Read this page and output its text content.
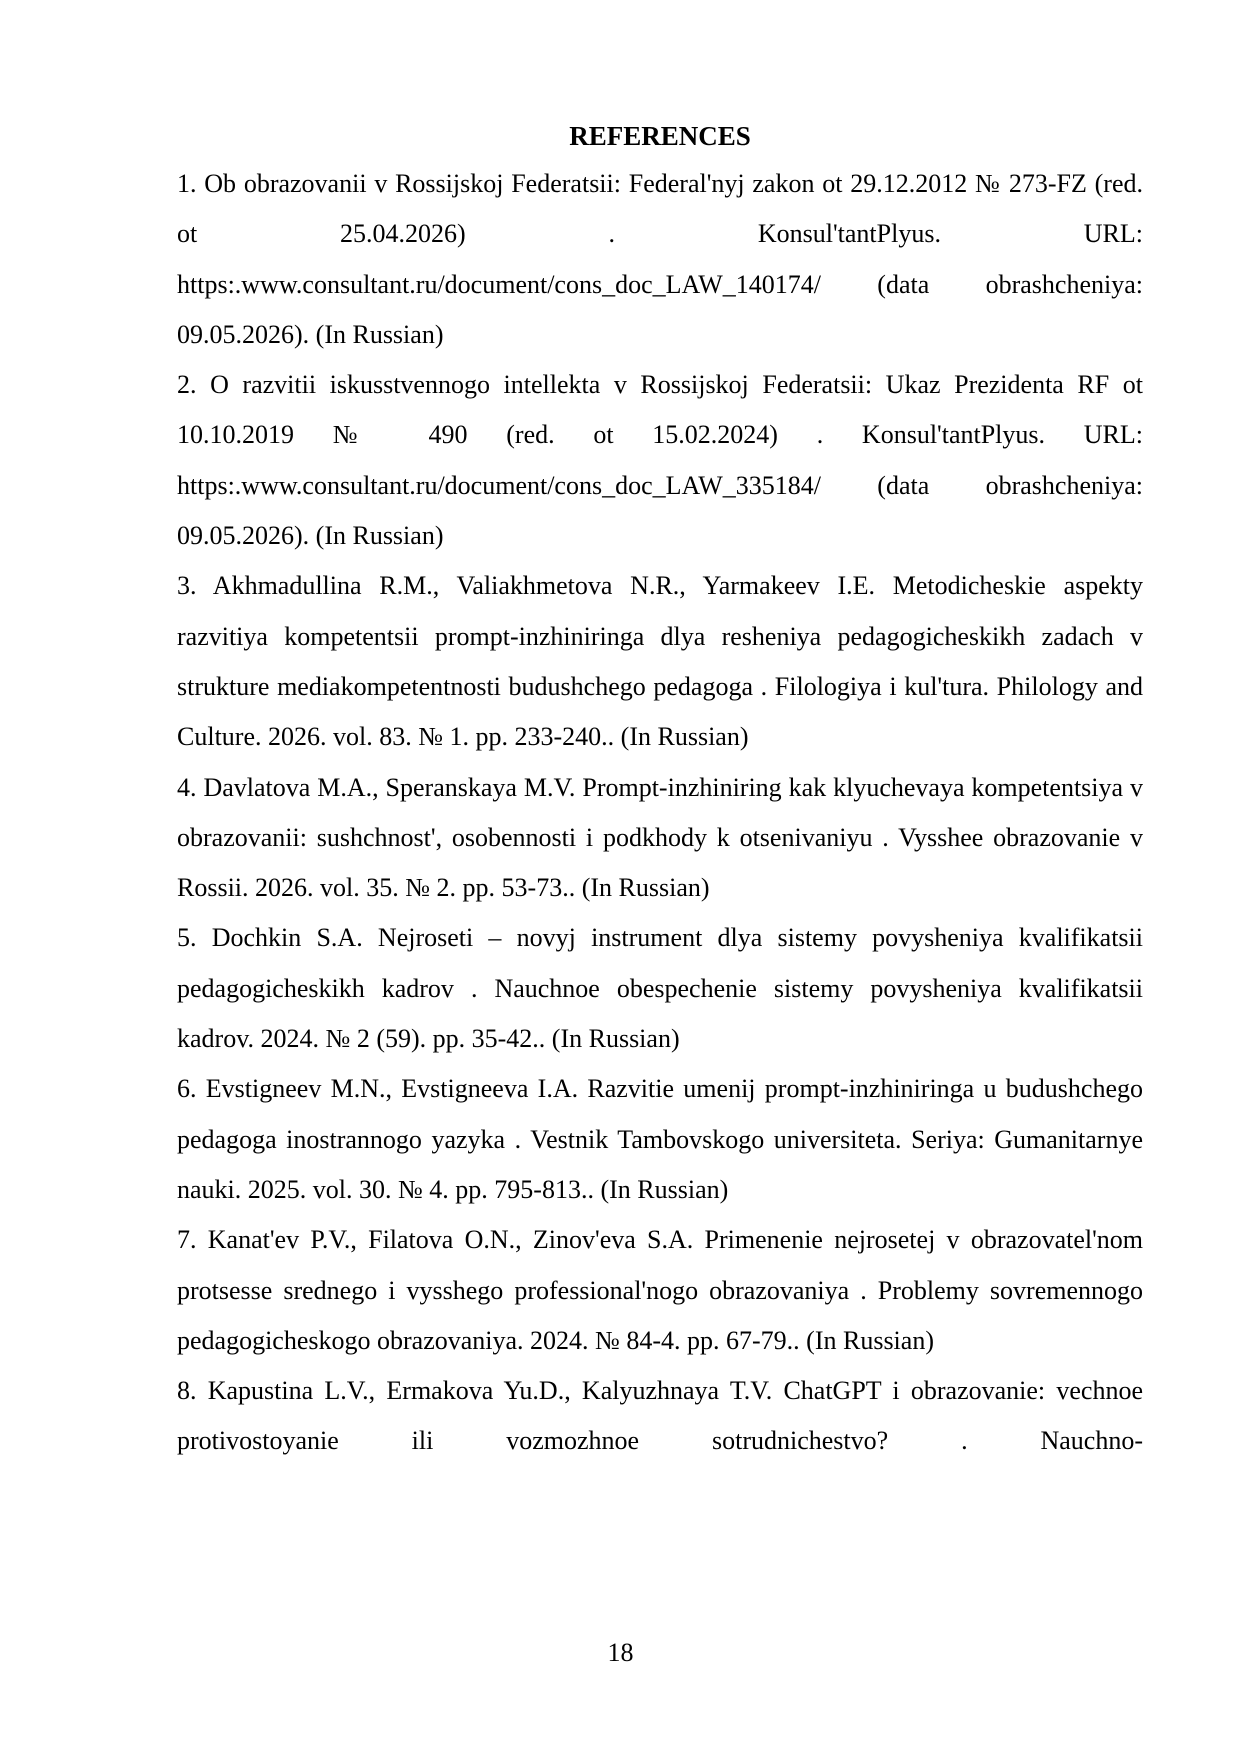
REFERENCES

1. Ob obrazovanii v Rossijskoj Federatsii: Federal'nyj zakon ot 29.12.2012 № 273-FZ (red. ot 25.04.2026) . Konsul'tantPlyus. URL: https:.www.consultant.ru/document/cons_doc_LAW_140174/ (data obrashcheniya: 09.05.2026). (In Russian)

2. O razvitii iskusstvennogo intellekta v Rossijskoj Federatsii: Ukaz Prezidenta RF ot 10.10.2019 № 490 (red. ot 15.02.2024) . Konsul'tantPlyus. URL: https:.www.consultant.ru/document/cons_doc_LAW_335184/ (data obrashcheniya: 09.05.2026). (In Russian)

3. Akhmadullina R.M., Valiakhmetova N.R., Yarmakeev I.E. Metodicheskie aspekty razvitiya kompetentsii prompt-inzhiniringa dlya resheniya pedagogicheskikh zadach v strukture mediakompetentnosti budushchego pedagoga . Filologiya i kul'tura. Philology and Culture. 2026. vol. 83. № 1. pp. 233-240.. (In Russian)

4. Davlatova M.A., Speranskaya M.V. Prompt-inzhiniring kak klyuchevaya kompetentsiya v obrazovanii: sushchnost', osobennosti i podkhody k otsenivaniyu . Vysshee obrazovanie v Rossii. 2026. vol. 35. № 2. pp. 53-73.. (In Russian)

5. Dochkin S.A. Nejroseti – novyj instrument dlya sistemy povysheniya kvalifikatsii pedagogicheskikh kadrov . Nauchnoe obespechenie sistemy povysheniya kvalifikatsii kadrov. 2024. № 2 (59). pp. 35-42.. (In Russian)

6. Evstigneev M.N., Evstigneeva I.A. Razvitie umenij prompt-inzhiniringa u budushchego pedagoga inostrannogo yazyka . Vestnik Tambovskogo universiteta. Seriya: Gumanitarnye nauki. 2025. vol. 30. № 4. pp. 795-813.. (In Russian)

7. Kanat'ev P.V., Filatova O.N., Zinov'eva S.A. Primenenie nejrosetej v obrazovatel'nom protsesse srednego i vysshego professional'nogo obrazovaniya . Problemy sovremennogo pedagogicheskogo obrazovaniya. 2024. № 84-4. pp. 67-79.. (In Russian)

8. Kapustina L.V., Ermakova Yu.D., Kalyuzhnaya T.V. ChatGPT i obrazovanie: vechnoe protivostoyanie ili vozmozhnoe sotrudnichestvo? . Nauchno-

18
